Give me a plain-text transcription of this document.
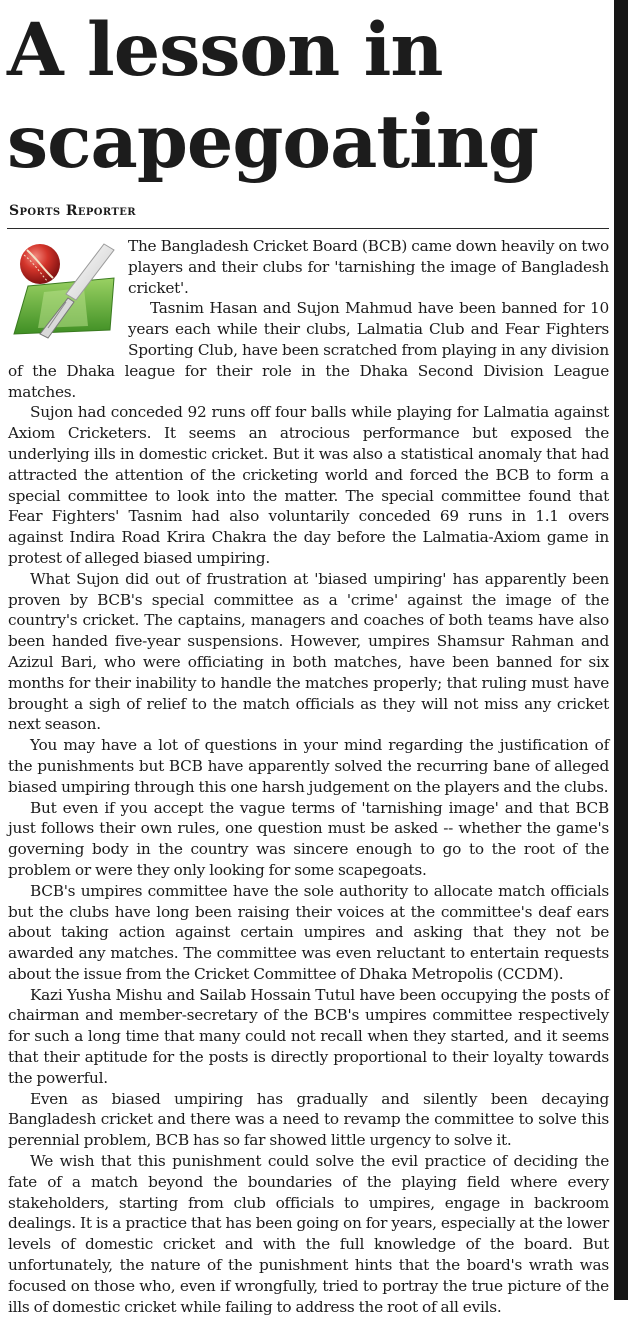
A lesson in scapegoating
Sports Reporter

The Bangladesh Cricket Board (BCB) came down heavily on two players and their clubs for 'tarnishing the image of Bangladesh cricket'.

Tasnim Hasan and Sujon Mahmud have been banned for 10 years each while their clubs, Lalmatia Club and Fear Fighters Sporting Club, have been scratched from playing in any division of the Dhaka league for their role in the Dhaka Second Division League matches.

Sujon had conceded 92 runs off four balls while playing for Lalmatia against Axiom Cricketers. It seems an atrocious performance but exposed the underlying ills in domestic cricket. But it was also a statistical anomaly that had attracted the attention of the cricketing world and forced the BCB to form a special committee to look into the matter. The special committee found that Fear Fighters' Tasnim had also voluntarily conceded 69 runs in 1.1 overs against Indira Road Krira Chakra the day before the Lalmatia-Axiom game in protest of alleged biased umpiring.

What Sujon did out of frustration at 'biased umpiring' has apparently been proven by BCB's special committee as a 'crime' against the image of the country's cricket. The captains, managers and coaches of both teams have also been handed five-year suspensions. However, umpires Shamsur Rahman and Azizul Bari, who were officiating in both matches, have been banned for six months for their inability to handle the matches properly; that ruling must have brought a sigh of relief to the match officials as they will not miss any cricket next season.

You may have a lot of questions in your mind regarding the justification of the punishments but BCB have apparently solved the recurring bane of alleged biased umpiring through this one harsh judgement on the players and the clubs.

But even if you accept the vague terms of 'tarnishing image' and that BCB just follows their own rules, one question must be asked -- whether the game's governing body in the country was sincere enough to go to the root of the problem or were they only looking for some scapegoats.

BCB's umpires committee have the sole authority to allocate match officials but the clubs have long been raising their voices at the committee's deaf ears about taking action against certain umpires and asking that they not be awarded any matches. The committee was even reluctant to entertain requests about the issue from the Cricket Committee of Dhaka Metropolis (CCDM).

Kazi Yusha Mishu and Sailab Hossain Tutul have been occupying the posts of chairman and member-secretary of the BCB's umpires committee respectively for such a long time that many could not recall when they started, and it seems that their aptitude for the posts is directly proportional to their loyalty towards the powerful.

Even as biased umpiring has gradually and silently been decaying Bangladesh cricket and there was a need to revamp the committee to solve this perennial problem, BCB has so far showed little urgency to solve it.

We wish that this punishment could solve the evil practice of deciding the fate of a match beyond the boundaries of the playing field where every stakeholders, starting from club officials to umpires, engage in backroom dealings. It is a practice that has been going on for years, especially at the lower levels of domestic cricket and with the full knowledge of the board. But unfortunately, the nature of the punishment hints that the board's wrath was focused on those who, even if wrongfully, tried to portray the true picture of the ills of domestic cricket while failing to address the root of all evils.
